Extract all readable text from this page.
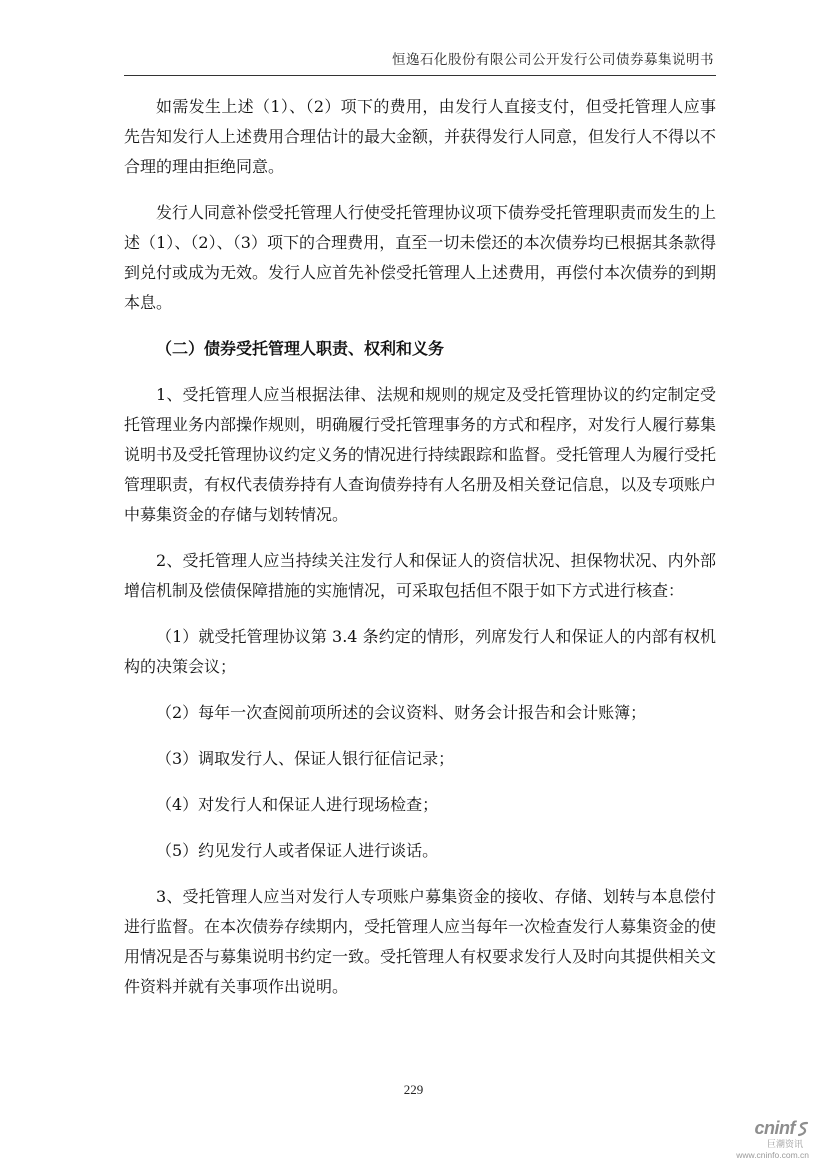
恒逸石化股份有限公司公开发行公司债券募集说明书

如需发生上述（1）、（2）项下的费用，由发行人直接支付，但受托管理人应事先告知发行人上述费用合理估计的最大金额，并获得发行人同意，但发行人不得以不合理的理由拒绝同意。

发行人同意补偿受托管理人行使受托管理协议项下债券受托管理职责而发生的上述（1）、（2）、（3）项下的合理费用，直至一切未偿还的本次债券均已根据其条款得到兑付或成为无效。发行人应首先补偿受托管理人上述费用，再偿付本次债券的到期本息。

（二）债券受托管理人职责、权利和义务

1、受托管理人应当根据法律、法规和规则的规定及受托管理协议的约定制定受托管理业务内部操作规则，明确履行受托管理事务的方式和程序，对发行人履行募集说明书及受托管理协议约定义务的情况进行持续跟踪和监督。受托管理人为履行受托管理职责，有权代表债券持有人查询债券持有人名册及相关登记信息，以及专项账户中募集资金的存储与划转情况。

2、受托管理人应当持续关注发行人和保证人的资信状况、担保物状况、内外部增信机制及偿债保障措施的实施情况，可采取包括但不限于如下方式进行核查：

（1）就受托管理协议第 3.4 条约定的情形，列席发行人和保证人的内部有权机构的决策会议；

（2）每年一次查阅前项所述的会议资料、财务会计报告和会计账簿；

（3）调取发行人、保证人银行征信记录；

（4）对发行人和保证人进行现场检查；

（5）约见发行人或者保证人进行谈话。

3、受托管理人应当对发行人专项账户募集资金的接收、存储、划转与本息偿付进行监督。在本次债券存续期内，受托管理人应当每年一次检查发行人募集资金的使用情况是否与募集说明书约定一致。受托管理人有权要求发行人及时向其提供相关文件资料并就有关事项作出说明。

229
cninf
巨潮资讯
www.cninfo.com.cn
